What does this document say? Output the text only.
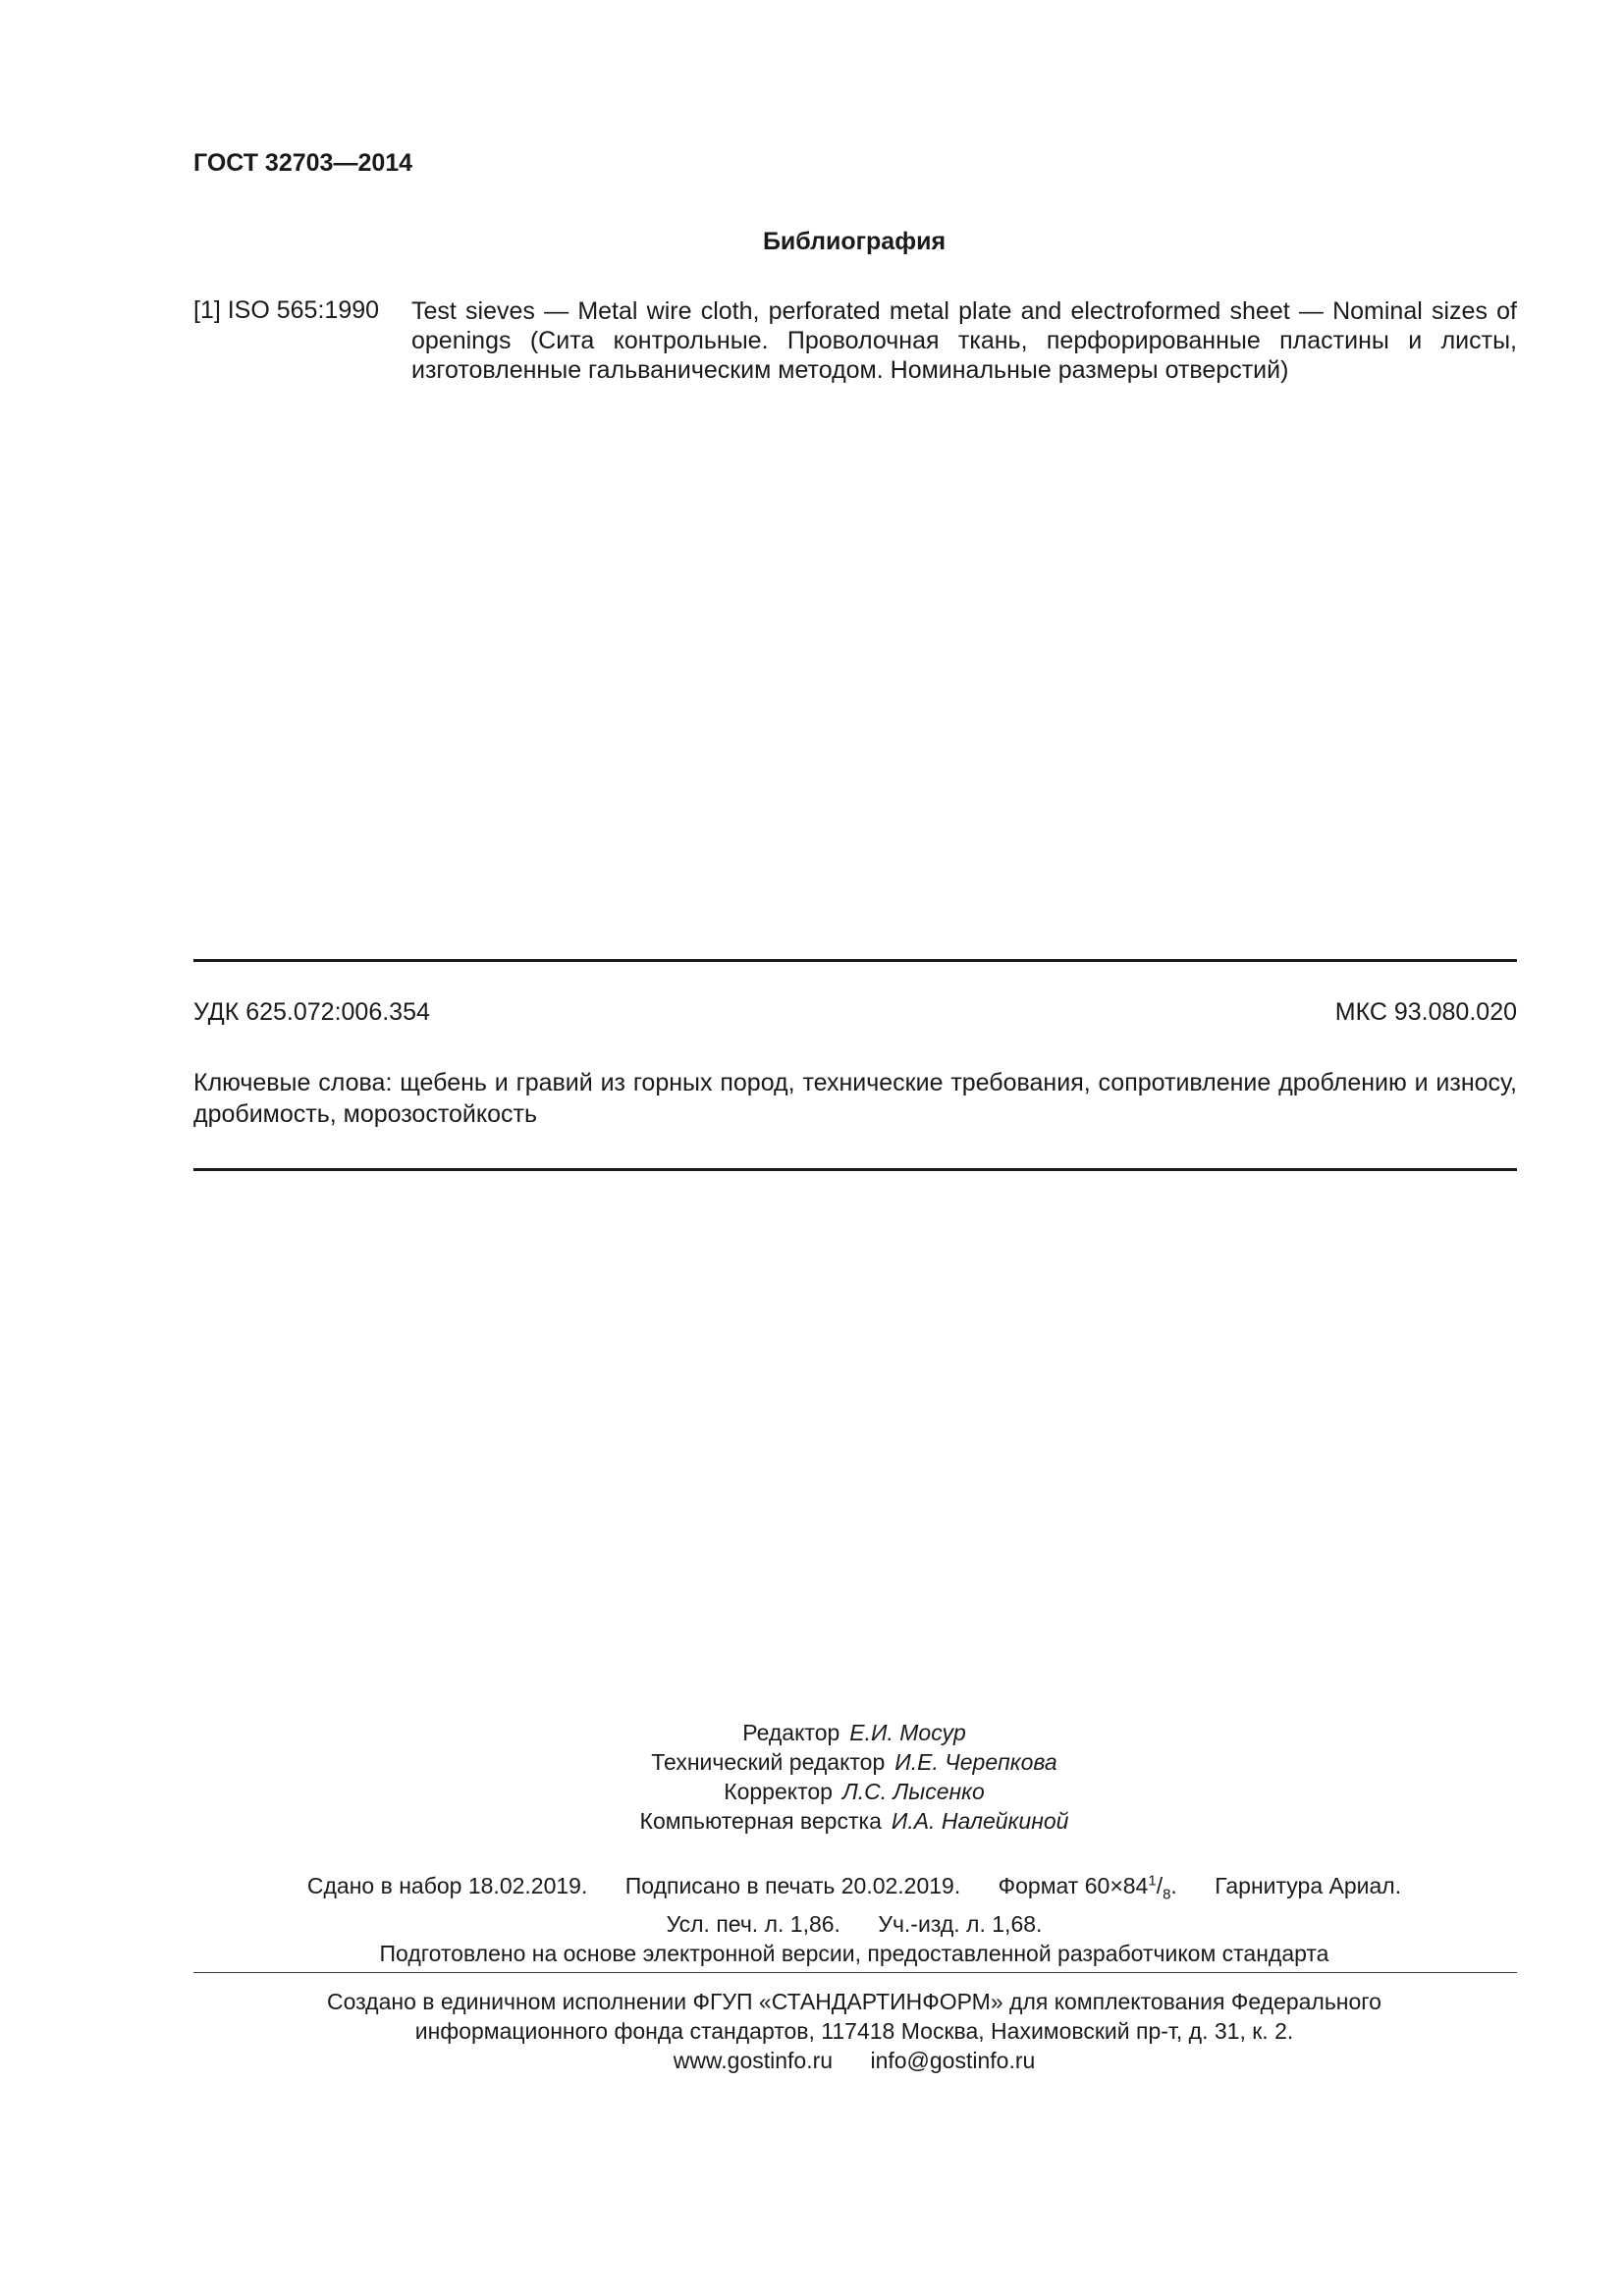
ГОСТ 32703—2014
Библиография
[1] ISO 565:1990 Test sieves — Metal wire cloth, perforated metal plate and electroformed sheet — Nominal sizes of openings (Сита контрольные. Проволочная ткань, перфорированные пластины и листы, изготовленные гальваническим методом. Номинальные размеры отверстий)
УДК 625.072:006.354	МКС 93.080.020
Ключевые слова: щебень и гравий из горных пород, технические требования, сопротивление дроблению и износу, дробимость, морозостойкость
Редактор Е.И. Мосур
Технический редактор И.Е. Черепкова
Корректор Л.С. Лысенко
Компьютерная верстка И.А. Налейкиной
Сдано в набор 18.02.2019. Подписано в печать 20.02.2019. Формат $60\times 84^1/_8$. Гарнитура Ариал.
Усл. печ. л. 1,86. Уч.-изд. л. 1,68.
Подготовлено на основе электронной версии, предоставленной разработчиком стандарта
Создано в единичном исполнении ФГУП «СТАНДАРТИНФОРМ» для комплектования Федерального
информационного фонда стандартов, 117418 Москва, Нахимовский пр-т, д. 31, к. 2.
www.gostinfo.ru info@gostinfo.ru
